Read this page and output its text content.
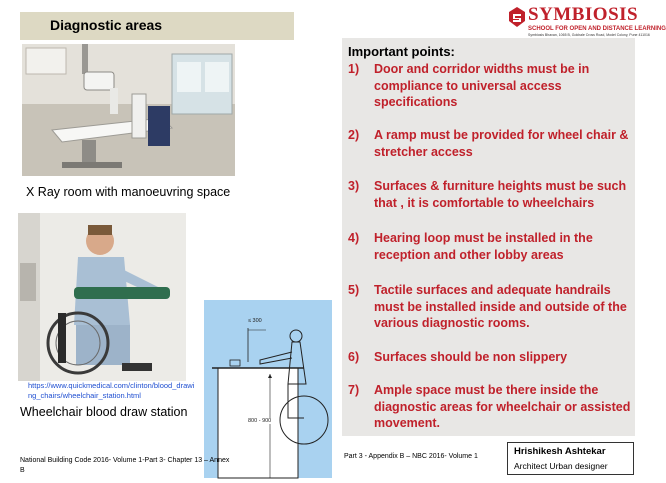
Diagnostic areas	SYMBIOSIS
SCHOOL FOR OPEN AND DISTANCE LEARNING
Symbiosis Bhavan, 1065 B, Gokhale Cross Road, Model Colony, Pune 411016
X Ray room with manoeuvring space
≤ 300
800 - 900
https://www.quickmedical.com/clinton/blood_drawing_chairs/wheelchair_station.html
Wheelchair blood draw station
National Building Code 2016- Volume 1-Part 3- Chapter 13 – Annex B
Important points:
1)	Door and corridor widths must be in compliance to universal access specifications
2)	A ramp must be provided for wheel chair & stretcher access
3)	Surfaces & furniture heights must be such that , it is comfortable to wheelchairs
4)	Hearing loop must be installed in the reception and other lobby areas
5)	Tactile surfaces and adequate handrails must be installed inside and outside of the various diagnostic rooms.
6)	Surfaces should be non slippery
7)	Ample space must be there inside the diagnostic areas for wheelchair or assisted movement.
Part 3 - Appendix B – NBC 2016- Volume 1	Hrishikesh Ashtekar
Architect Urban designer
